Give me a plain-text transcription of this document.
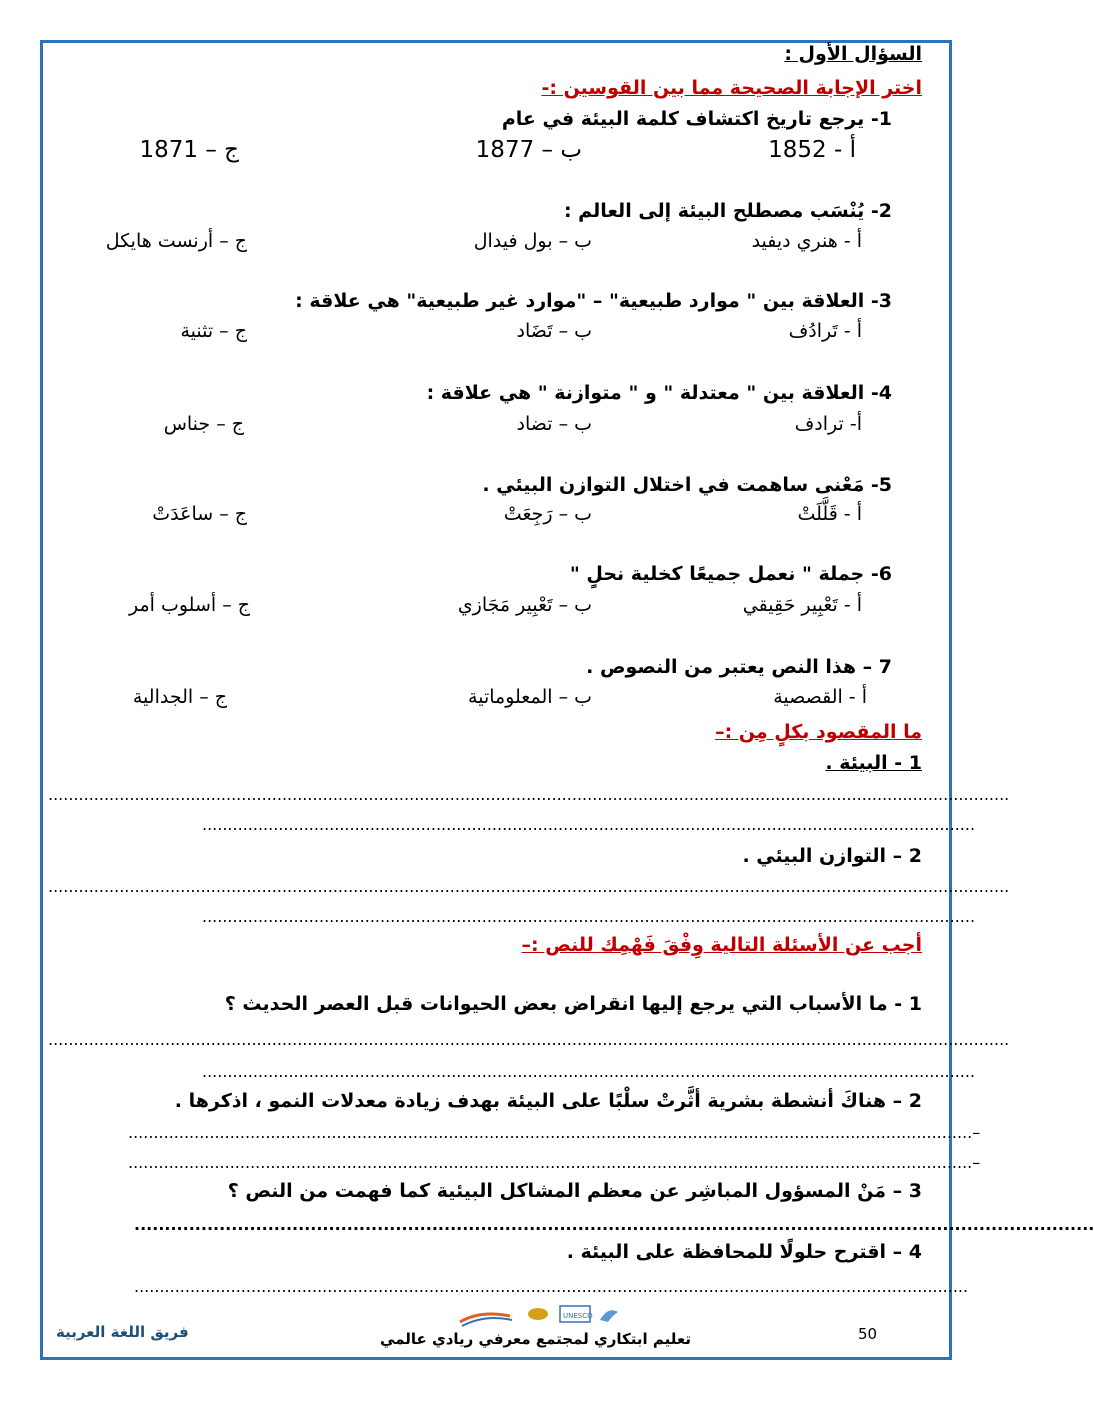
السؤال الأول :
اختر الإجابة الصحيحة مما بين القوسين :-
1- يرجع تاريخ اكتشاف كلمة البيئة في عام
أ - 1852
ب – 1877
ج – 1871
2- يُنْسَب مصطلح البيئة إلى العالم :
أ - هنري ديفيد
ب – بول فيدال
ج – أرنست هايكل
3- العلاقة بين " موارد طبيعية" – "موارد غير طبيعية" هي علاقة :
أ - تَرادُف
ب – تَضَاد
ج – تثنية
4- العلاقة بين " معتدلة " و " متوازنة " هي علاقة :
أ- ترادف
ب – تضاد
ج – جناس
5- مَعْنى ساهمت في اختلال التوازن البيئي .
أ - قَلَّلَتْ
ب – رَجِعَتْ
ج – ساعَدَتْ
6- جملة " نعمل جميعًا كخلية نحلٍ "
أ - تَعْبِير حَقِيقي
ب – تَعْبِير مَجَازي
ج – أسلوب أمر
7 – هذا النص يعتبر من النصوص .
أ - القصصية
ب – المعلوماتية
ج – الجدالية
ما المقصود بكلٍ مِن :–
1 - البيئة .
.............................................................................................................................................................................................
........................................................................................................................................................
2 – التوازن البيئي .
.............................................................................................................................................................................................
........................................................................................................................................................
أجب عن الأسئلة التالية وِفْقَ فَهْمِك للنص :–
1 - ما الأسباب التي يرجع إليها انقراض بعض الحيوانات قبل العصر الحديث ؟
.............................................................................................................................................................................................
........................................................................................................................................................
2 – هناكَ أنشطة بشرية أثَّرتْ سلْبًا على البيئة بهدف زيادة معدلات النمو ، اذكرها .
......................................................................................................................................................................–
......................................................................................................................................................................–
3 – مَنْ المسؤول المباشِر عن معظم المشاكل البيئية كما فهمت من النص ؟
..............................................................................................................................................................
4 – اقترح حلولًا للمحافظة على البيئة .
....................................................................................................................................................................
UNESCO
تعليم ابتكاري لمجتمع معرفي ريادي عالمي
فريق اللغة العربية	50
